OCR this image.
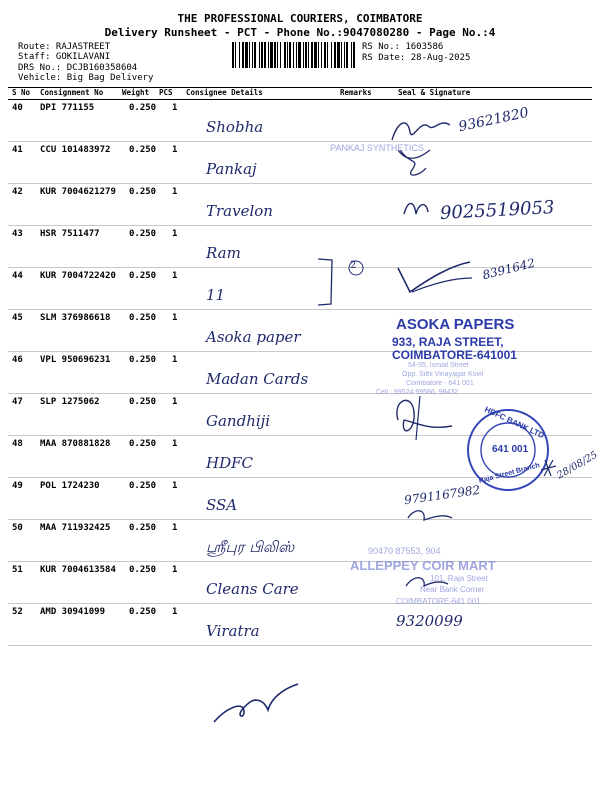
THE PROFESSIONAL COURIERS, COIMBATORE
Delivery Runsheet - PCT - Phone No.:9047080280 - Page No.:4
Route: RAJASTREET
Staff: GOKILAVANI
DRS No.: DCJB160358604
Vehicle: Big Bag Delivery
RS No.: 1603586
RS Date: 28-Aug-2025
S No Consignment No	Weight PCS Consignee Details	Remarks	Seal & Signature
40 DPI 771155	0.250 1
Shobha
41 CCU 101483972 0.250 1
Pankaj
42 KUR 7004621279 0.250 1
Travelon
43 HSR 7511477	0.250 1
Ram
44 KUR 7004722420 0.250 1
11
45 SLM 376986618 0.250 1
Asoka paper
46 VPL 950696231 0.250 1
Madan Cards
47 SLP 1275062	0.250 1
Gandhiji
48 MAA 870881828 0.250 1
HDFC
49 POL 1724230	0.250 1
SSA
50 MAA 711932425 0.250 1
ஸ்ரீபுர பிலிஸ்
51 KUR 7004613584 0.250 1
Cleans Care
52 AMD 30941099	0.250 1
Viratra
ASOKA PAPERS
933, RAJA STREET,
COIMBATORE-641001
54-55, Ismail Street
Opp. Sithi Vinayagar Kovil
Coimbatore - 641 001
Cell : 99524 99586, 98432
PANKAJ SYNTHETICS
HDFC BANK LTD
641 001
Raja Street Branch
90470 87553, 904
ALLEPPEY COIR MART
101, Raja Street
Near Bank Corner
COIMBATORE-641 001
93621820
9025519053
8391642
9791167982
9320099
28/08/25
2
